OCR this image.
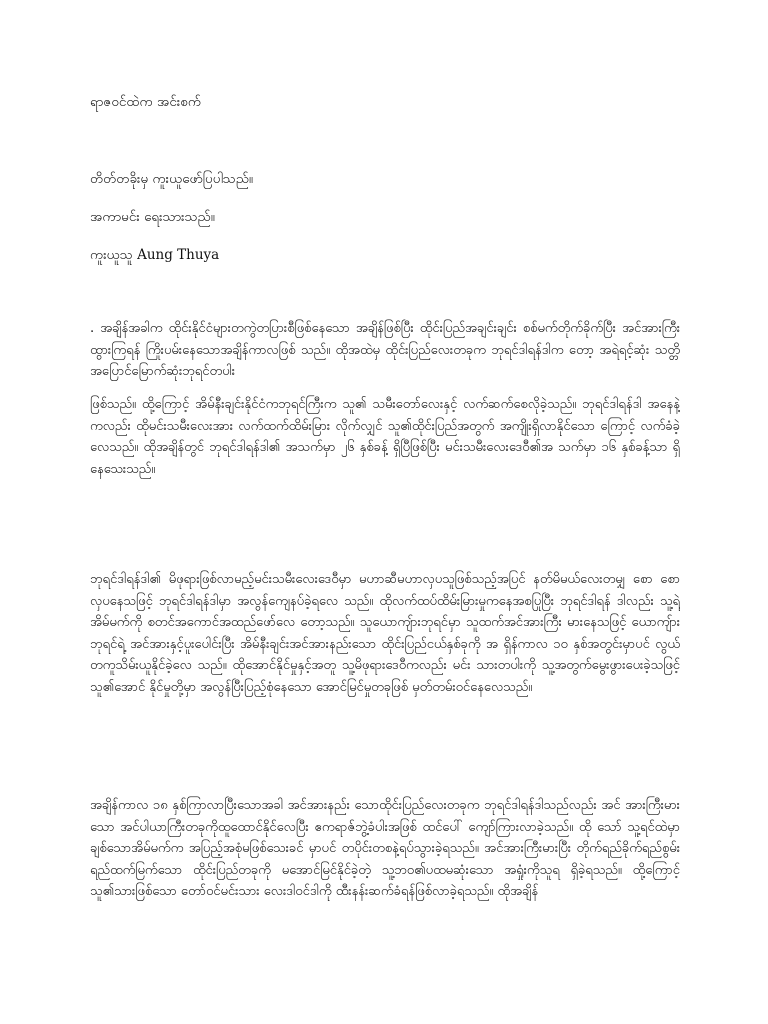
ရာဇဝင်ထဲက အင်းစက်

တိတ်တခိုးမှ ကူးယူဖော်ပြပါသည်။

အကာမင်း ရေးသားသည်။

ကူးယူသူ Aung Thuya

. အချိန်အခါက ထိုင်းနိုင်ငံများတကွဲတပြားစီဖြစ်နေသော အချိန်ဖြစ်ပြီး ထိုင်းပြည်အချင်းချင်း စစ်မက်တိုက်ခိုက်ပြီး အင်အားကြီးထွားကြရန် ကြိုးပမ်းနေသောအချိန်ကာလဖြစ် သည်။ ထိုအထဲမှ ထိုင်းပြည်လေးတခုက ဘုရင်ဒါရန်ဒါက တော့ အရဲရင့်ဆုံး သတ္တိအပြောင်မြောက်ဆုံးဘုရင်တပါး

ဖြစ်သည်။ ထို့ကြောင့် အိမ်နီးချင်းနိုင်ငံကဘုရင်ကြီးက သူ၏ သမီးတော်လေးနှင့် လက်ဆက်စေလိုခဲ့သည်။ ဘုရင်ဒါရန်ဒါ အနေနဲ့ကလည်း ထိုမင်းသမီးလေးအား လက်ထက်ထိမ်းမြား လိုက်လျှင် သူ၏ထိုင်းပြည်အတွက် အကျိုးရှိလာနိုင်သော ကြောင့် လက်ခံခဲ့လေသည်။ ထိုအချိန်တွင် ဘုရင်ဒါရန်ဒါ၏ အသက်မှာ ၂၆ နှစ်ခန့် ရှိပြီဖြစ်ပြီး မင်းသမီးလေးဒေဝီ၏အ သက်မှာ ၁၆ နှစ်ခန့်သာ ရှိနေသေးသည်။

ဘုရင်ဒါရန်ဒါ၏ မိဖုရားဖြစ်လာမည့်မင်းသမီးလေးဒေဝီမှာ မဟာဆီမဟာလှပသူဖြစ်သည့်အပြင် နတ်မိမယ်လေးတမျှ စော စောလှပနေသဖြင့် ဘုရင်ဒါရန်ဒါမှာ အလွန်ကျေနပ်ခဲ့ရလေ သည်။ ထိုလက်ထပ်ထိမ်းမြားမှုကနေအစပြုပြီး ဘုရင်ဒါရန် ဒါလည်း သူ့ရဲ့ အိမ်မက်ကို စတင်အကောင်အထည်ဖော်လေ တော့သည်။ သူယောကျ်ားဘုရင်မှာ သူထက်အင်အားကြီး မားနေသဖြင့် ယောကျ်ားဘုရင်ရဲ့ အင်အားနှင့်ပူးပေါင်းပြီး အိမ်နီးချင်းအင်အားနည်းသော ထိုင်းပြည်ငယ်နှစ်ခုကို အ ရှိန်ကာလ ၁၀ နှစ်အတွင်းမှာပင် လွယ်တကူသိမ်းယူနိုင်ခဲ့လေ သည်။ ထိုအောင်နိုင်မှုနှင့်အတူ သူ့မိဖုရားဒေဝီကလည်း မင်း သားတပါးကို သူ့အတွက်မွေးဖွားပေးခဲ့သဖြင့် သူ၏အောင် နိုင်မှုတို့မှာ အလွန်ပြီးပြည့်စုံနေသော အောင်မြင်မှုတခုဖြစ် မှတ်တမ်းဝင်နေလေသည်။

အချိန်ကာလ ၁၈ နှစ်ကြာလာပြီးသောအခါ အင်အားနည်း သောထိုင်းပြည်လေးတခုက ဘုရင်ဒါရန်ဒါသည်လည်း အင် အားကြီးမားသော အင်ပါယာကြီးတခုကိုထူထောင်နိုင်လေပြီး ဧကရာဇ်ဘွဲ့ခံပါးအဖြစ် ထင်ပေါ် ကျော်ကြားလာခဲ့သည်။ ထို သော် သူ့ရင်ထဲမှာချစ်သောအိမ်မက်က အပြည့်အစုံမဖြစ်သေးခင် မှာပင် တပိုင်းတစနဲ့ရပ်သွားခဲ့ရသည်။ အင်အားကြီးမားပြီး တိုက်ရည်ခိုက်ရည်စွမ်းရည်ထက်မြက်သော ထိုင်းပြည်တခုကို မအောင်မြင်နိုင်ခဲ့တဲ့ သူ့ဘဝ၏ပထမဆုံးသော အရှုံးကိုသူရ ရှိခဲ့ရသည်။ ထို့ကြောင့် သူ၏သားဖြစ်သော တော်ဝင်မင်းသား လေးဒါဝင်ဒါကို ထီးနန်းဆက်ခံရန်ဖြစ်လာခဲ့ရသည်။ ထိုအချိန်
